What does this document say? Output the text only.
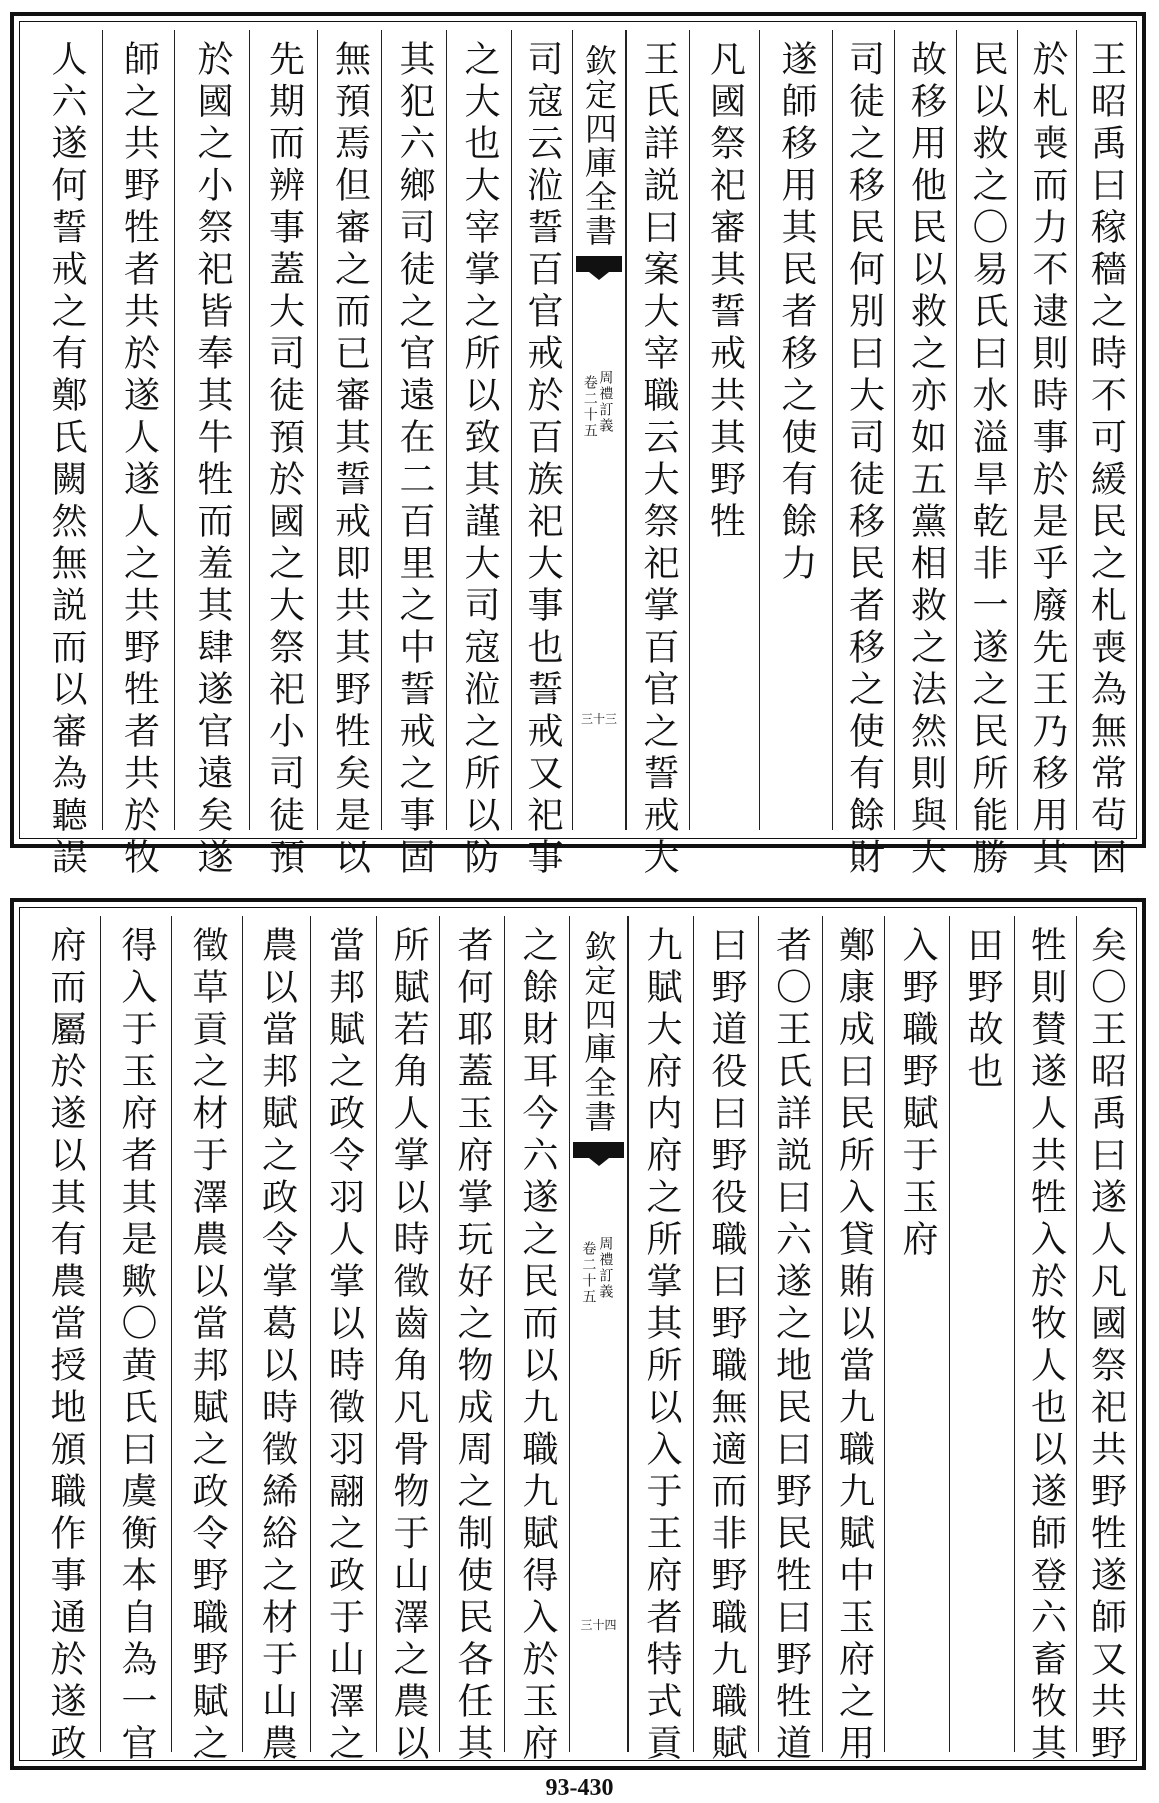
王昭禹曰稼穡之時不可緩民之札喪為無常茍困
於札喪而力不逮則時事於是乎廢先王乃移用其
民以救之〇易氏曰水溢旱乾非一遂之民所能勝
故移用他民以救之亦如五黨相救之法然則與大
司徒之移民何別曰大司徒移民者移之使有餘財
遂師移用其民者移之使有餘力
凡國祭祀審其誓戒共其野牲
王氏詳説曰案大宰職云大祭祀掌百官之誓戒大
欽定四庫全書
周禮訂義
卷二十五
三十三
司寇云涖誓百官戒於百族祀大事也誓戒又祀事
之大也大宰掌之所以致其謹大司寇涖之所以防
其犯六鄉司徒之官遠在二百里之中誓戒之事固
無預焉但審之而已審其誓戒即共其野牲矣是以
先期而辨事蓋大司徒預於國之大祭祀小司徒預
於國之小祭祀皆奉其牛牲而羞其肆遂官遠矣遂
師之共野牲者共於遂人遂人之共野牲者共於牧
人六遂何誓戒之有鄭氏闕然無説而以審為聽誤
矣〇王昭禹曰遂人凡國祭祀共野牲遂師又共野
牲則賛遂人共牲入於牧人也以遂師登六畜牧其
田野故也
入野職野賦于玉府
鄭康成曰民所入貸賄以當九職九賦中玉府之用
者〇王氏詳説曰六遂之地民曰野民牲曰野牲道
曰野道役曰野役職曰野職無適而非野職九職賦
九賦大府内府之所掌其所以入于王府者特式貢
欽定四庫全書
周禮訂義
卷二十五
三十四
之餘財耳今六遂之民而以九職九賦得入於玉府
者何耶蓋玉府掌玩好之物成周之制使民各任其
所賦若角人掌以時徵齒角凡骨物于山澤之農以
當邦賦之政令羽人掌以時徵羽翮之政于山澤之
農以當邦賦之政令掌葛以時徵絺綌之材于山農
徵草貢之材于澤農以當邦賦之政令野職野賦之
得入于玉府者其是歟〇黄氏曰虞衡本自為一官
府而屬於遂以其有農當授地頒職作事通於遂政
93-430
